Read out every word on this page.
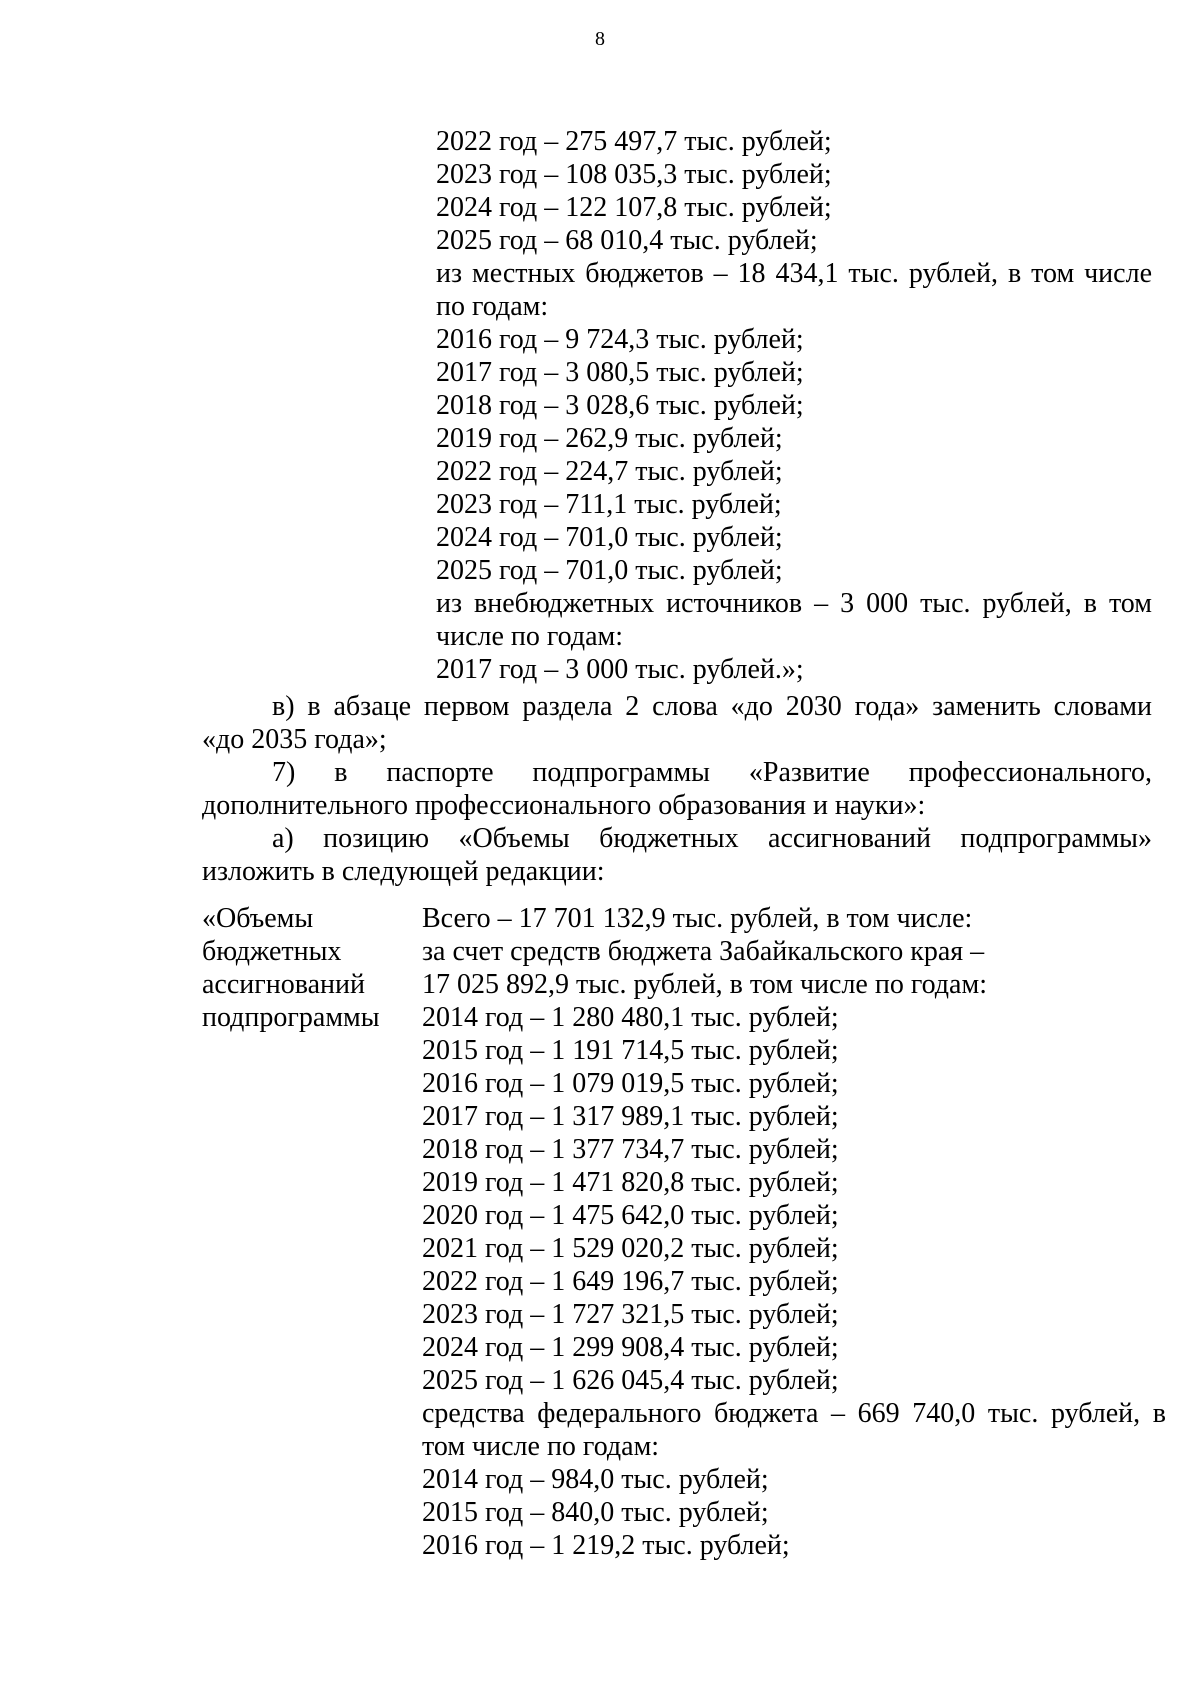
8
2022 год – 275 497,7 тыс. рублей;
2023 год – 108 035,3 тыс. рублей;
2024 год – 122 107,8 тыс. рублей;
2025 год – 68 010,4 тыс. рублей;
из местных бюджетов – 18 434,1 тыс. рублей, в том числе
по годам:
2016 год – 9 724,3 тыс. рублей;
2017 год – 3 080,5 тыс. рублей;
2018 год – 3 028,6 тыс. рублей;
2019 год – 262,9 тыс. рублей;
2022 год – 224,7 тыс. рублей;
2023 год – 711,1 тыс. рублей;
2024 год – 701,0 тыс. рублей;
2025 год – 701,0 тыс. рублей;
из внебюджетных источников – 3 000 тыс. рублей, в том
числе по годам:
2017 год – 3 000 тыс. рублей.»;
в) в абзаце первом раздела 2 слова «до 2030 года» заменить словами
«до 2035 года»;
7) в паспорте подпрограммы «Развитие профессионального,
дополнительного профессионального образования и науки»:
а) позицию «Объемы бюджетных ассигнований подпрограммы»
изложить в следующей редакции:
«Объемы
бюджетных
ассигнований
подпрограммы
Всего – 17 701 132,9 тыс. рублей, в том числе:
за счет средств бюджета Забайкальского края –
17 025 892,9 тыс. рублей, в том числе по годам:
2014 год – 1 280 480,1 тыс. рублей;
2015 год – 1 191 714,5 тыс. рублей;
2016 год – 1 079 019,5 тыс. рублей;
2017 год – 1 317 989,1 тыс. рублей;
2018 год – 1 377 734,7 тыс. рублей;
2019 год – 1 471 820,8 тыс. рублей;
2020 год – 1 475 642,0 тыс. рублей;
2021 год – 1 529 020,2 тыс. рублей;
2022 год – 1 649 196,7 тыс. рублей;
2023 год – 1 727 321,5 тыс. рублей;
2024 год – 1 299 908,4 тыс. рублей;
2025 год – 1 626 045,4 тыс. рублей;
средства федерального бюджета – 669 740,0 тыс. рублей, в
том числе по годам:
2014 год – 984,0 тыс. рублей;
2015 год – 840,0 тыс. рублей;
2016 год – 1 219,2 тыс. рублей;
